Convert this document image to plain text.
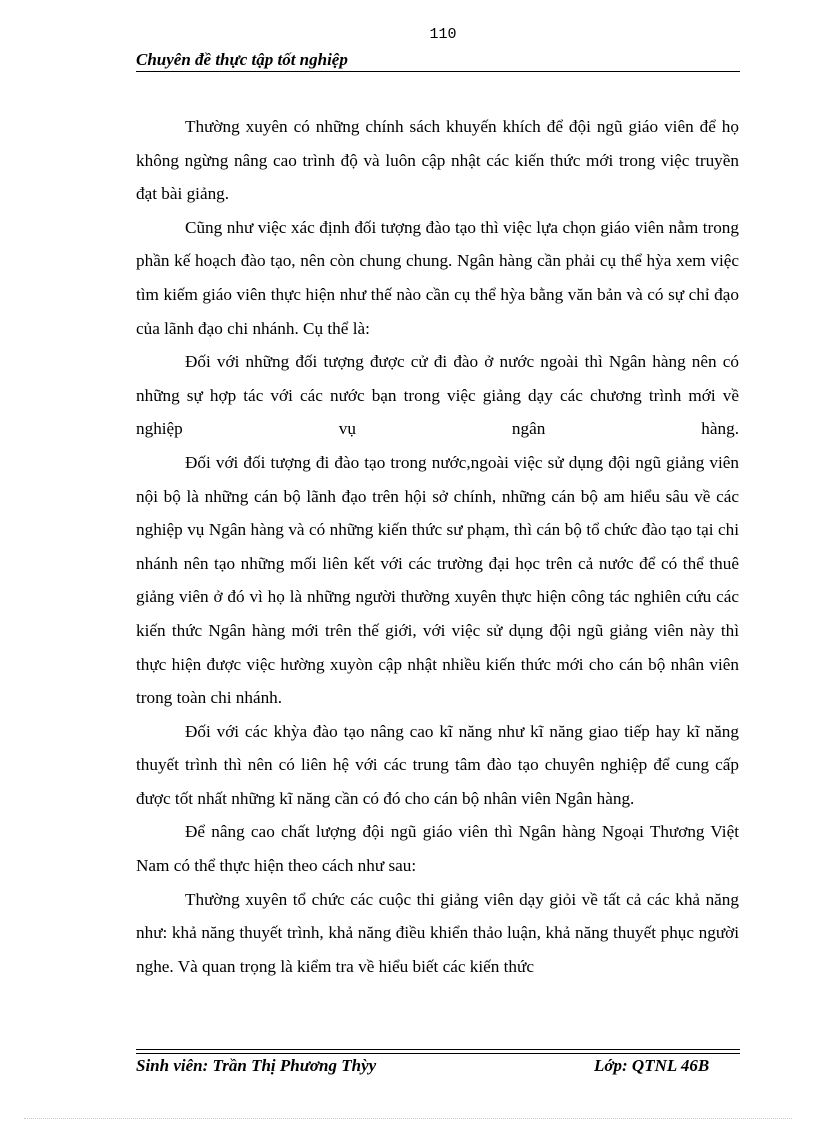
110
Chuyên đề thực tập tốt nghiệp

Thường xuyên có những chính sách khuyến khích để đội ngũ giáo viên để họ không ngừng nâng cao trình độ và luôn cập nhật các kiến thức mới trong việc truyền đạt bài giảng.

Cũng như việc xác định đối tượng đào tạo thì việc lựa chọn giáo viên nằm trong phần kế hoạch đào tạo, nên còn chung chung. Ngân hàng cần phải cụ thể hỳa xem việc tìm kiếm giáo viên thực hiện như thế nào cần cụ thể hỳa bằng văn bản và có sự chỉ đạo của lãnh đạo chi nhánh. Cụ thể là:

Đối với những đối tượng được cử đi đào ở nước ngoài thì Ngân hàng nên có những sự hợp tác với các nước bạn trong việc giảng dạy các chương trình mới về nghiệp vụ ngân hàng.

Đối với đối tượng đi đào tạo trong nước,ngoài việc sử dụng đội ngũ giảng viên nội bộ là những cán bộ lãnh đạo trên hội sở chính, những cán bộ am hiểu sâu về các nghiệp vụ Ngân hàng và có những kiến thức sư phạm, thì cán bộ tổ chức đào tạo tại chi nhánh nên tạo những mối liên kết với các trường đại học trên cả nước để có thể thuê giảng viên ở đó vì họ là những người thường xuyên thực hiện công tác nghiên cứu các kiến thức Ngân hàng mới trên thế giới, với việc sử dụng đội ngũ giảng viên này thì thực hiện được việc hường xuyòn cập nhật nhiều kiến thức mới cho cán bộ nhân viên trong toàn chi nhánh.

Đối với các khỳa đào tạo nâng cao kĩ năng như kĩ năng giao tiếp hay kĩ năng thuyết trình thì nên có liên hệ với các trung tâm đào tạo chuyên nghiệp để cung cấp được tốt nhất những kĩ năng cần có đó cho cán bộ nhân viên Ngân hàng.

Để nâng cao chất lượng đội ngũ giáo viên thì Ngân hàng Ngoại Thương Việt Nam có thể thực hiện theo cách như sau:

Thường xuyên tổ chức các cuộc thi giảng viên dạy giỏi về tất cả các khả năng như: khả năng thuyết trình, khả năng điều khiển thảo luận, khả năng thuyết phục người nghe. Và quan trọng là kiểm tra về hiểu biết các kiến thức

Sinh viên: Trần Thị Phương Thỳy	Lớp: QTNL 46B
